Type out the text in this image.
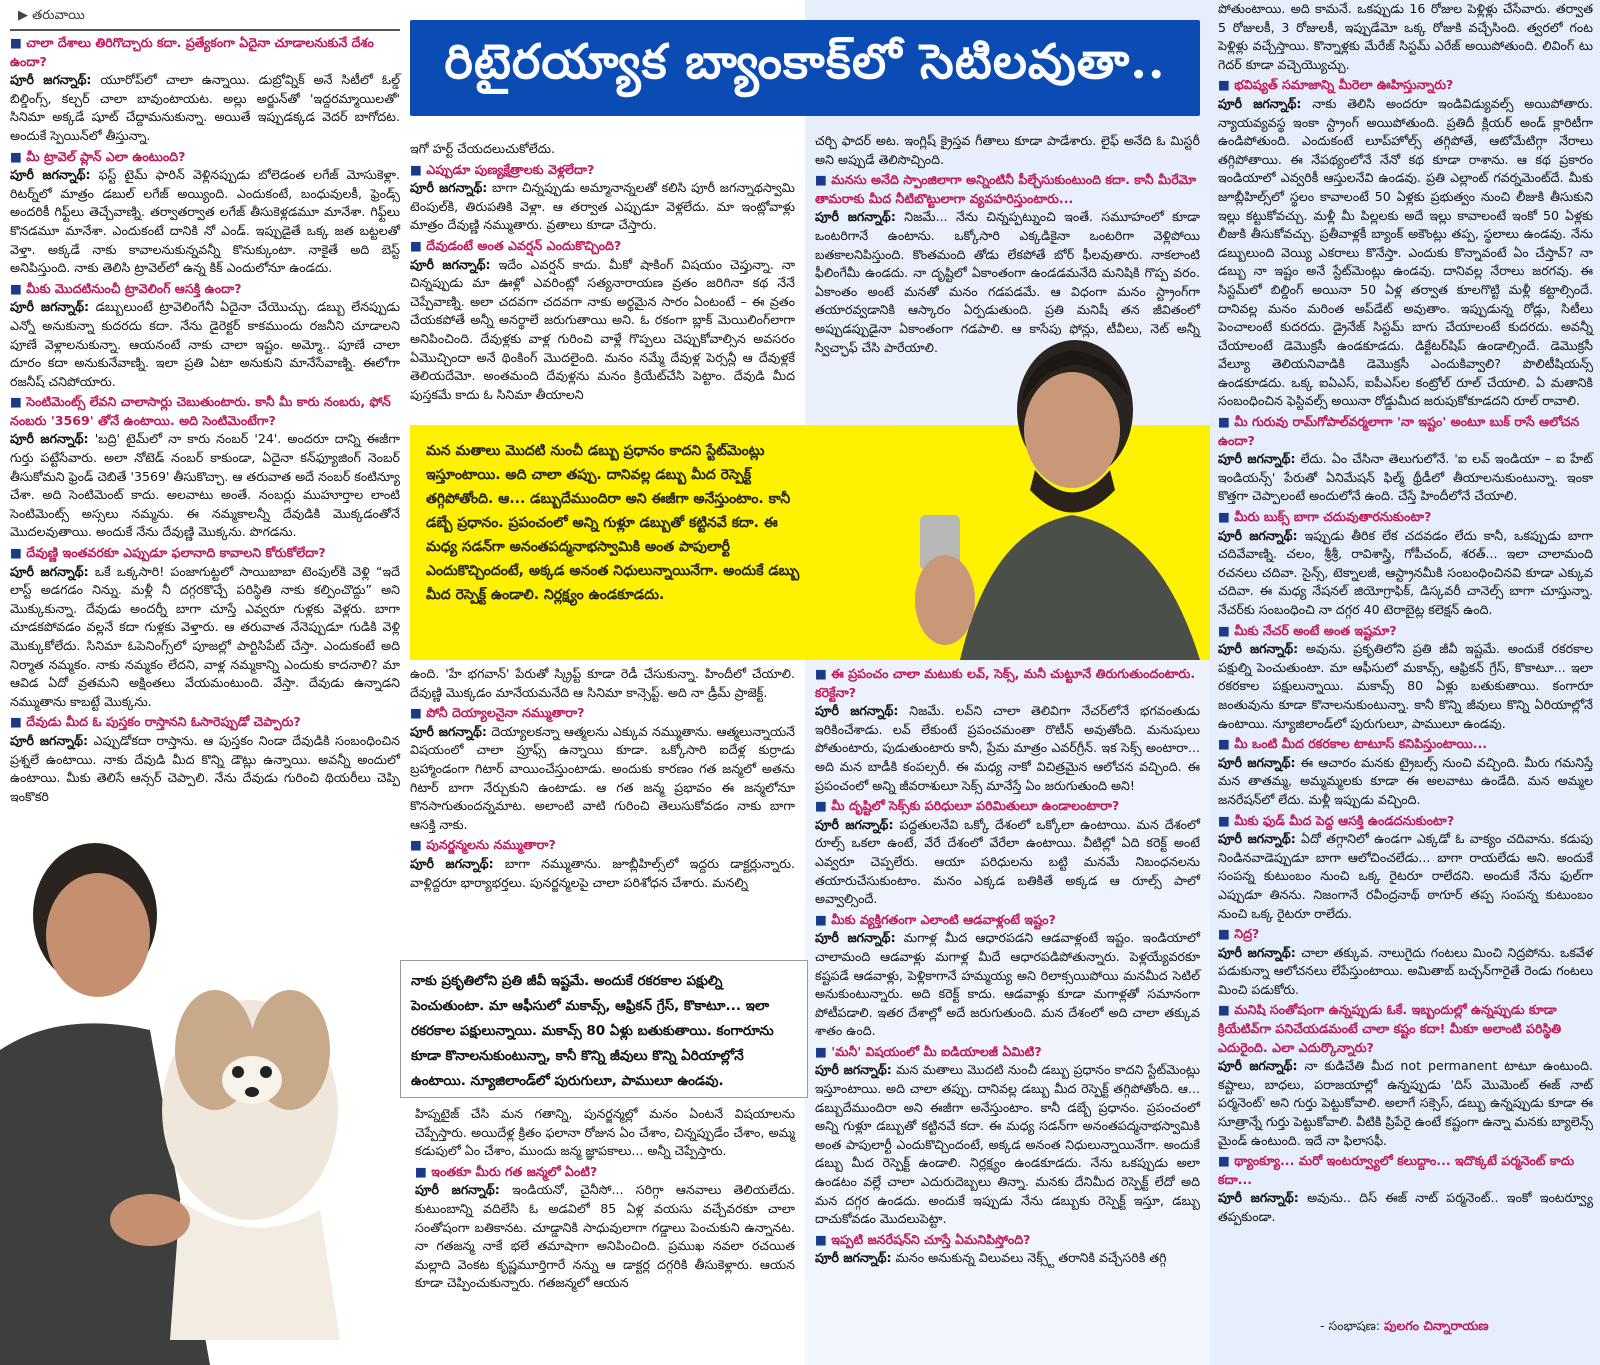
▶ తరువాయి
రిటైరయ్యాక బ్యాంకాక్‌లో సెటిలవుతా..

■ చాలా దేశాలు తిరిగొచ్చారు కదా. ప్రత్యేకంగా ఏదైనా చూడాలనుకునే దేశం ఉందా?

పూరీ జగన్నాథ్: యూరోప్‌లో చాలా ఉన్నాయి. డుబ్రోవ్నిక్ అనే సిటీలో ఓల్డ్ బిల్డింగ్స్, కల్చర్ చాలా బావుంటాయట. అల్లు అర్జున్‌తో 'ఇద్దరమ్మాయిలతో' సినిమా అక్కడే షూట్ చేద్దామనుకున్నా. అయితే ఇప్పుడక్కడ వెదర్ బాగోదట. అందుకే స్పెయిన్‌లో తీస్తున్నా.

■ మీ ట్రావెల్ ప్లాన్ ఎలా ఉంటుంది?

పూరీ జగన్నాథ్: ఫస్ట్ టైమ్ ఫారిన్ వెళ్లినప్పుడు బోలెడంత లగేజ్ మోసుకెళ్లా. రిటర్న్‌లో మాత్రం డబుల్ లగేజ్ అయ్యింది. ఎందుకంటే, బంధువులకీ, ఫ్రెండ్స్ అందరికీ గిఫ్ట్‌లు తెచ్చేవాణ్ని. తర్వాతర్వాత లగేజ్ తీసుకెళ్లడమూ మానేశా. గిఫ్ట్‌లు కొనడమూ మానేశా. ఎందుకంటే దానికి నో ఎండ్. ఇప్పుడైతే ఒక్క జత బట్టలతో వెళ్తా. అక్కడే నాకు కావాలనుకున్నవన్నీ కొనుక్కుంటా. నాకైతే అది బెస్ట్ అనిపిస్తుంది. నాకు తెలిసి ట్రావెల్‌లో ఉన్న కిక్ ఎందులోనూ ఉండదు.

■ మీకు మొదటినుంచీ ట్రావెలింగ్ ఆసక్తి ఉందా?

పూరీ జగన్నాథ్: డబ్బులుంటే ట్రావెలింగేనీ ఏదైనా చేయొచ్చు. డబ్బు లేనప్పుడు ఎన్నో అనుకున్నా కుదరదు కదా. నేను డైరెక్టర్ కాకముందు రజనీని చూడాలని పూణే వెళ్లాలనుకున్నా. ఆయనంటే నాకు చాలా ఇష్టం. అమ్మో.. పూణే చాలా దూరం కదా అనుకునేవాణ్ని. ఇలా ప్రతి ఏటా అనుకుని మానేసేవాణ్ని. ఈలోగా రజనీష్ చనిపోయారు.

■ సెంటిమెంట్స్ లేవని చాలాసార్లు చెబుతుంటారు. కానీ మీ కారు నంబరు, ఫోన్ నంబరు '3569' తోనే ఉంటాయి. అది సెంటిమెంటేగా?

పూరీ జగన్నాథ్: 'బద్రి' టైమ్‌లో నా కారు నంబర్ '24'. అందరూ దాన్ని ఈజీగా గుర్తు పట్టేసేవారు. అలా నోటెడ్ నంబర్ కాకుండా, ఏదైనా కన్‌ఫ్యూజింగ్ నెంబర్ తీసుకోమని ఫ్రెండ్ చెబితే '3569' తీసుకొచ్చా. ఆ తరువాత అదే నంబర్ కంటిన్యూ చేశా. అది సెంటిమెంట్ కాదు. అలవాటు అంతే. నంబర్లు ముహూర్తాల లాంటి సెంటిమెంట్స్ అస్సలు నమ్మను. ఈ నమ్మకాలన్నీ దేవుడికి మొక్కడంతోనే మొదలవుతాయి. అందుకే నేను దేవుణ్ణి మొక్కను. పొగడను.

■ దేవుణ్ణి ఇంతవరకూ ఎప్పుడూ ఫలానాది కావాలని కోరుకోలేదా?

పూరీ జగన్నాథ్: ఒకే ఒక్కసారి! పంజాగుట్టలో సాయిబాబా టెంపుల్‌కి వెళ్లి “ఇదే లాస్ట్ అడగడం నిన్ను. మళ్లీ నీ దగ్గరకొచ్చే పరిస్థితి నాకు కల్పించొద్దు” అని మొక్కుకున్నా. దేవుడు అందర్నీ బాగా చూస్తే ఎవ్వరూ గుళ్లకు వెళ్లరు. బాగా చూడకపోవడం వల్లనే కదా గుళ్లకు వెళ్తారు. ఆ తరువాత నేనెప్పుడూ గుడికి వెళ్లి మొక్కుకోలేదు. సినిమా ఓపెనింగ్స్‌లో పూజల్లో పార్టిసిపేట్ చేస్తా. ఎందుకంటే అది నిర్మాత నమ్మకం. నాకు నమ్మకం లేదని, వాళ్ల నమ్మకాన్ని ఎందుకు కాదనాలి? మా ఆవిడ ఏదో వ్రతమని అక్షింతలు వేయమంటుంది. వేస్తా. దేవుడు ఉన్నాడని నమ్ముతాను కాబట్టే మొక్కను.

■ దేవుడు మీద ఓ పుస్తకం రాస్తానని ఓసారెప్పుడో చెప్పారు?

పూరీ జగన్నాథ్: ఎప్పుడోకదా రాస్తాను. ఆ పుస్తకం నిండా దేవుడికి సంబంధించిన ప్రశ్నలే ఉంటాయి. నాకు దేవుడి మీద కొన్ని డౌట్లు ఉన్నాయి. అవన్నీ అందులో ఉంటాయి. మీకు తెలిసే ఆన్సర్ చెప్పాలి. నేను దేవుడు గురించి థియరీలు చెప్పి ఇంకొకరి

ఇగో హర్ట్ చేయదలుచుకోలేదు.

■ ఎప్పుడూ పుణ్యక్షేత్రాలకు వెళ్లలేదా?

పూరీ జగన్నాథ్: బాగా చిన్నప్పుడు అమ్మానాన్నలతో కలిసి పూరీ జగన్నాథస్వామి టెంపుల్‌కి, తిరుపతికి వెళ్లా. ఆ తర్వాత ఎప్పుడూ వెళ్లలేదు. మా ఇంట్లోవాళ్లు మాత్రం దేవుణ్ణి నమ్ముతారు. వ్రతాలు కూడా చేస్తారు.

■ దేవుడంటే అంత ఎవర్షన్ ఎందుకొచ్చింది?

పూరీ జగన్నాథ్: ఇదేం ఎవర్షన్ కాదు. మీకో షాకింగ్ విషయం చెప్తున్నా. నా చిన్నప్పుడు మా ఊళ్లో ఎవరింట్లో సత్యనారాయణ వ్రతం జరిగినా కథ నేనే చెప్పేవాణ్ని. అలా చదవగా చదవగా నాకు అర్థమైన సారం ఏంటంటే – ఈ వ్రతం చేయకపోతే అన్నీ అనర్థాలే జరుగుతాయి అని. ఓ రకంగా బ్లాక్ మెయిలింగ్‌లాగా అనిపించింది. దేవుళ్లకు వాళ్ల గురించి వాళ్లే గొప్పలు చెప్పుకోవాల్సిన అవసరం ఏమొచ్చిందా అనే థింకింగ్ మొదలైంది. మనం నమ్మే దేవుళ్ల పెర్సన్లీ ఆ దేవుళ్లకే తెలియదేమో. అంతమంది దేవుళ్లను మనం క్రియేట్‌చేసి పెట్టాం. దేవుడి మీద పుస్తకమే కాదు ఓ సినిమా తీయాలని

చర్చి ఫాదర్ అట. ఇంగ్లిష్ క్రైస్తవ గీతాలు కూడా పాడేశారు. లైఫ్ అనేది ఓ మిస్టరీ అని అప్పుడే తెలిసొచ్చింది.

■ మనసు అనేది స్పాంజిలాగా అన్నింటినీ పీల్చేసుకుంటుంది కదా. కానీ మీరేమో తామరాకు మీద నీటిబొట్టులాగా వ్యవహరిస్తుంటారు...

పూరీ జగన్నాథ్: నిజమే... నేను చిన్నప్పట్నుంచి ఇంతే. సమూహంలో కూడా ఒంటరిగానే ఉంటాను. ఒక్కోసారి ఎక్కడికైనా ఒంటరిగా వెళ్లిపోయి బతకాలనిపిస్తుంది. కొంతమంది తోడు లేకపోతే బోర్ ఫీలవుతారు. నాకలాంటి ఫీలింగేమీ ఉండదు. నా దృష్టిలో ఏకాంతంగా ఉండడమనేది మనిషికి గొప్ప వరం. ఏకాంతం అంటే మనతో మనం గడపడమే. ఆ విధంగా మనం స్ట్రాంగ్‌గా తయారవ్వడానికి ఆస్కారం ఏర్పడుతుంది. ప్రతి మనిషీ తన జీవితంలో అప్పుడప్పుడైనా ఏకాంతంగా గడపాలి. ఆ కాసేపు ఫోన్లు, టీవీలు, నెట్ అన్నీ స్విచ్ఛాఫ్ చేసి పారేయాలి.

మన మతాలు మొదటి నుంచీ డబ్బు ప్రధానం కాదని స్టేట్‌మెంట్లు ఇస్తూంటాయి. అది చాలా తప్పు. దానివల్ల డబ్బు మీద రెస్పెక్ట్ తగ్గిపోతోంది. ఆ... డబ్బుదేముందిరా అని ఈజీగా అనేస్తుంటాం. కానీ డబ్బే ప్రధానం. ప్రపంచంలో అన్ని గుళ్లూ డబ్బుతో కట్టినవే కదా. ఈ మధ్య సడన్‌గా అనంతపద్మనాభస్వామికి అంత పాపులార్టీ ఎందుకొచ్చిందంటే, అక్కడ అనంత నిధులున్నాయినేగా. అందుకే డబ్బు మీద రెస్పెక్ట్ ఉండాలి. నిర్లక్ష్యం ఉండకూడదు.

ఉంది. 'హే భగవాన్' పేరుతో స్క్రిప్ట్ కూడా రెడీ చేసుకున్నా. హిందీలో చేయాలి. దేవుణ్ణి మొక్కడం మానేయమనేది ఆ సినిమా కాన్సెప్ట్. అది నా డ్రీమ్ ప్రాజెక్ట్.

■ పోనీ దెయ్యాలనైనా నమ్ముతారా?

పూరీ జగన్నాథ్: దెయ్యాలకన్నా ఆత్మలను ఎక్కువ నమ్ముతాను. ఆత్మలున్నాయనే విషయంలో చాలా ప్రూఫ్స్ ఉన్నాయి కూడా. ఒక్కోసారి ఐదేళ్ల కుర్రాడు బ్రహ్మాండంగా గిటార్ వాయించేస్తుంటాడు. అందుకు కారణం గత జన్మలో అతను గిటార్ బాగా నేర్చుకుని ఉంటాడు. ఆ గత జన్మ ప్రభావం ఈ జన్మలోనూ కొనసాగుతుందన్నమాట. అలాంటి వాటి గురించి తెలుసుకోవడం నాకు బాగా ఆసక్తి నాకు.

■ పునర్జన్మలను నమ్ముతారా?

పూరీ జగన్నాథ్: బాగా నమ్ముతాను. జూబ్లీహిల్స్‌లో ఇద్దరు డాక్టర్లున్నారు. వాళ్లిద్దరూ భార్యాభర్తలు. పునర్జన్మలపై చాలా పరిశోధన చేశారు. మనల్ని

నాకు ప్రకృతిలోని ప్రతి జీవీ ఇష్టమే. అందుకే రకరకాల పక్షుల్ని పెంచుతుంటా. మా ఆఫీసులో మకావ్స్, ఆఫ్రికన్ గ్రేస్, కొకాటూ... ఇలా రకరకాల పక్షులున్నాయి. మకావ్స్ 80 ఏళ్లు బతుకుతాయి. కంగారూను కూడా కొనాలనుకుంటున్నా, కానీ కొన్ని జీవులు కొన్ని ఏరియాల్లోనే ఉంటాయి. న్యూజిలాండ్‌లో పురుగులూ, పాములూ ఉండవు.

హిప్నటైజ్ చేసి మన గతాన్ని, పునర్జన్మల్లో మనం ఏంటనే విషయాలను చెప్పేస్తారు. అయిదేళ్ల క్రితం ఫలానా రోజున ఏం చేశాం, చిన్నప్పుడేం చేశాం, అమ్మ కడుపులో ఏం చేశాం, ముందు జన్మ జ్ఞాపకాలు... అన్నీ చెప్పేస్తారు.

■ ఇంతకూ మీరు గత జన్మలో ఏంటి?

పూరీ జగన్నాథ్: ఇండియనో, చైనీసో... సరిగ్గా ఆనవాలు తెలియలేదు. కుటుంబాన్ని వదిలేసి ఓ అడవిలో 85 ఏళ్ల వయసు వచ్చేవరకూ చాలా సంతోషంగా బతికానట. చూడ్డానికి సాధువులాగా గడ్డాలు పెంచుకుని ఉన్నానట. నా గతజన్మ నాకే భలే తమాషాగా అనిపించింది. ప్రముఖ నవలా రచయిత మల్లాది వెంకట కృష్ణమూర్తిగారే నన్ను ఆ డాక్టర్ల దగ్గరికి తీసుకెళ్లారు. ఆయన కూడా చెప్పించుకున్నారు. గతజన్మలో ఆయన

■ ఈ ప్రపంచం చాలా మటుకు లవ్, సెక్స్, మనీ చుట్టూనే తిరుగుతుందంటారు. కరెక్టేనా?

పూరీ జగన్నాథ్: నిజమే. లవ్‌ని చాలా తెలివిగా నేచర్‌లోనే భగవంతుడు ఇరికించేశాడు. లవ్ లేకుంటే ప్రపంచమంతా రొటీన్ అవుతోంది. మనుషులు పోతుంటారు, పుడుతుంటారు కానీ, ప్రేమ మాత్రం ఎవర్‌గ్రీన్. ఇక సెక్స్ అంటారా... అది మన బాడీకి కంపల్సరీ. ఈ మధ్య నాకో విచిత్రమైన ఆలోచన వచ్చింది. ఈ ప్రపంచంలో అన్ని జీవరాశులూ సెక్స్ మానేస్తే ఏం జరుగుతుంది అని!

■ మీ దృష్టిలో సెక్స్‌కు పరిధులూ పరిమితులూ ఉండాలంటారా?

పూరీ జగన్నాథ్: పద్ధతులనేవి ఒక్కో దేశంలో ఒక్కోలా ఉంటాయి. మన దేశంలో రూల్స్ ఒకలా ఉంటే, వేరే దేశంలో వేరేలా ఉంటాయి. వీటిల్లో ఏది కరెక్ట్ అంటే ఎవ్వరూ చెప్పలేరు. ఆయా పరిధులను బట్టి మనమే నిబంధనలను తయారుచేసుకుంటాం. మనం ఎక్కడ బతికితే అక్కడ ఆ రూల్స్ పాలో అవ్వాల్సిందే.

■ మీకు వ్యక్తిగతంగా ఎలాంటి ఆడవాళ్లంటే ఇష్టం?

పూరీ జగన్నాథ్: మగాళ్ల మీద ఆధారపడని ఆడవాళ్లంటే ఇష్టం. ఇండియాలో చాలామంది ఆడవాళ్లు మగాళ్ల మీదే ఆధారపడిపోతున్నారు. పెళ్లయ్యేవరకూ కష్టపడే ఆడవాళ్లు, పెళ్లికాగానే హమ్మయ్య అని రిలాక్సయిపోయి మనమీద సెటిల్ అనుకుంటున్నారు. అది కరెక్ట్ కాదు. ఆడవాళ్లు కూడా మగాళ్లతో సమానంగా పోటీపడాలి. ఇతర దేశాల్లో అదే జరుగుతుంది. మన దేశంలో అది చాలా తక్కువ శాతం ఉంది.

■ 'మనీ' విషయంలో మీ ఐడియాలజీ ఏమిటి?

పూరీ జగన్నాథ్: మన మతాలు మొదటి నుంచీ డబ్బు ప్రధానం కాదని స్టేట్‌మెంట్లు ఇస్తూంటాయి. అది చాలా తప్పు. దానివల్ల డబ్బు మీద రెస్పెక్ట్ తగ్గిపోతోంది. ఆ... డబ్బుదేముందిరా అని ఈజీగా అనేస్తుంటాం. కానీ డబ్బే ప్రధానం. ప్రపంచంలో అన్ని గుళ్లూ డబ్బుతో కట్టినవే కదా. ఈ మధ్య సడన్‌గా అనంతపద్మనాభస్వామికి అంత పాపులార్టీ ఎందుకొచ్చిందంటే, అక్కడ అనంత నిధులున్నాయినేగా. అందుకే డబ్బు మీద రెస్పెక్ట్ ఉండాలి. నిర్లక్ష్యం ఉండకూడదు. నేను ఒకప్పుడు అలా ఉండటం వల్లే చాలా ఎదురుదెబ్బలు తిన్నా. మనకు దేనిమీద రెస్పెక్ట్ లేదో అది మన దగ్గర ఉండదు. అందుకే ఇప్పుడు నేను డబ్బుకు రెస్పెక్ట్ ఇస్తూ, డబ్బు దాచుకోవడం మొదలుపెట్టా.

■ ఇప్పటి జనరేషన్‌ని చూస్తే ఏమనిపిస్తోంది?

పూరీ జగన్నాథ్: మనం అనుకున్న విలువలు నెక్స్ట్ తరానికి వచ్చేసరికి తగ్గి

పోతుంటాయి. అది కామనే. ఒకప్పుడు 16 రోజుల పెళ్లిళ్లు చేసేవారు. తర్వాత 5 రోజులకీ, 3 రోజులకీ, ఇప్పుడేమో ఒక్క రోజుకి వచ్చేసింది. త్వరలో గంట పెళ్లిళ్లు వచ్చేస్తాయి. కొన్నాళ్లకు మేరేజ్ సిస్టమ్ ఎరేజ్ అయిపోతుంది. లివింగ్ టు గెదర్ కూడా వచ్చెయ్యొచ్చు.

■ భవిష్యత్ సమాజాన్ని మీరెలా ఊహిస్తున్నారు?

పూరీ జగన్నాథ్: నాకు తెలిసి అందరూ ఇండివిడ్యువల్స్ అయిపోతారు. న్యాయవ్యవస్థ ఇంకా స్ట్రాంగ్ అయిపోతుంది. ప్రతిదీ క్లియర్ అండ్ క్లారిటీగా ఉండిపోతుంది. ఎందుకంటే లూప్‌హోల్స్ తగ్గిపోతే, ఆటోమేటిగ్గా నేరాలు తగ్గిపోతాయి. ఈ నేపథ్యంలోనే నేనో కథ కూడా రాశాను. ఆ కథ ప్రకారం ఇండియాలో ఎవ్వరికీ ఆస్తులనేవి ఉండవు. ప్రతి ఎల్లాంట్ గవర్నమెంట్‌దే. మీకు జూబ్లీహిల్స్‌లో స్థలం కావాలంటే 50 ఏళ్లకు ప్రభుత్వం నుంచి లీజుకి తీసుకుని ఇల్లు కట్టుకోవచ్చు. మళ్లీ మీ పిల్లలకు అదే ఇల్లు కావాలంటే ఇంకో 50 ఏళ్లకు లీజుకి తీసుకోవచ్చు. ప్రతీవాళ్లకీ బ్యాంక్ అకౌంట్లు తప్ప, స్థలాలు ఉండవు. నేను డబ్బులుంది వెయ్యి ఎకరాలు కొనేస్తా. ఎందుకు కొన్నావంటే ఏం చేస్తావ్? నా డబ్బు నా ఇష్టం అనే స్టేట్‌మెంట్లు ఉండవు. దానివల్ల నేరాలు జరగవు. ఈ సిస్టమ్‌లో బిల్డింగ్ అయినా 50 ఏళ్ల తర్వాత కూలగొట్టి మళ్లీ కట్టాల్సిందే. దానివల్ల మనం మరింత అప్‌డేట్ అవుతాం. ఇప్పుడున్న రోడ్లు, సిటీలు పెంచాలంటే కుదరదు. డ్రైనేజ్ సిస్టమ్ బాగు చేయాలంటే కుదరదు. అవన్నీ చేయాలంటే డెమొక్రసీ ఉండకూడదు. డిక్టేటర్‌షిప్ ఉండాల్సిందే. డెమొక్రసీ వేల్యూ తెలియనివాడికి డెమొక్రసీ ఎందుకివ్వాలి? పొలిటీషియన్స్ ఉండకూడదు. ఒక్క ఐఏఎస్, ఐపీఎస్‌ల కంట్రోల్ రూల్ చేయాలి. ఏ మతానికి సంబంధించిన ఫెస్టివల్స్ అయినా రోడ్డుమీద జరుపుకోకూడదని రూల్ రావాలి.

■ మీ గురువు రామ్‌గోపాల్‌వర్మలాగా 'నా ఇష్టం' అంటూ బుక్ రాసే ఆలోచన ఉందా?

పూరీ జగన్నాథ్: లేదు. ఏం చేసినా తెలుగులోనే. 'ఐ లవ్ ఇండియా – ఐ హేట్ ఇండియన్స్' పేరుతో ఏనిమేషన్ ఫిల్మ్ థ్రీడీలో తీయాలనుకుంటున్నా. ఇంకా కొత్తగా చెప్పాలంటే అందులోనే ఉంది. చేస్తే హిందీలోనే చేయాలి.

■ మీరు బుక్స్ బాగా చదువుతారనుకుంటా?

పూరీ జగన్నాథ్: ఇప్పుడు తీరిక లేక చదవడం లేదు కానీ, ఒకప్పుడు బాగా చదివేవాణ్ని. చలం, శ్రీశ్రీ, రావిశాస్త్రి, గోపీచంద్, శరత్... ఇలా చాలామంది రచనలు చదివా. సైన్స్, టెక్నాలజీ, ఆస్ట్రానమీకి సంబంధించినవి కూడా ఎక్కువ చదివా. ఈ మధ్య నేషనల్ జియోగ్రాఫిక్, డిస్కవరీ చానెల్స్ బాగా చూస్తున్నా. నేచర్‌కు సంబంధించి నా దగ్గర 40 టెరాబైట్ల కలెక్షన్ ఉంది.

■ మీకు నేచర్ అంటే అంత ఇష్టమా?

పూరీ జగన్నాథ్: అవును. ప్రకృతిలోని ప్రతి జీవీ ఇష్టమే. అందుకే రకరకాల పక్షుల్ని పెంచుతుంటా. మా ఆఫీసులో మకావ్స్, ఆఫ్రికన్ గ్రేస్, కొకాటూ... ఇలా రకరకాల పక్షులున్నాయి. మకావ్స్ 80 ఏళ్లు బతుకుతాయి. కంగారూ జంతువును కూడా కొనాలనుకుంటున్నా. కానీ కొన్ని జీవులు కొన్ని ఏరియాల్లోనే ఉంటాయి. న్యూజిలాండ్‌లో పురుగులూ, పాములూ ఉండవు.

■ మీ ఒంటి మీద రకరకాల టాటూస్ కనిపిస్తుంటాయి...

పూరీ జగన్నాథ్: ఈ ఆచారం మనకు ట్రైబల్స్ నుంచి వచ్చింది. మీరు గమనిస్తే మన తాతమ్మ, అమ్మమ్మలకు కూడా ఈ అలవాటు ఉండేది. మన అమ్మల జనరేషన్‌లో లేదు. మళ్లీ ఇప్పుడు వచ్చింది.

■ మీకు ఫుడ్ మీద పెద్ద ఆసక్తి ఉండదనుకుంటా?

పూరీ జగన్నాథ్: ఏదో తగ్గానిలో ఉండగా ఎక్కడో ఓ వాక్యం చదివాను. కడుపు నిండినవాడెప్పుడూ బాగా ఆలోచించలేడు... బాగా రాయలేడు అని. అందుకే సంపన్న కుటుంబం నుంచి ఒక్క రైటరూ రాలేదని. అందుకే నేను ఫుల్‌గా ఎప్పుడూ తినను. నిజంగానే రవీంద్రనాథ్ ఠాగూర్ తప్ప సంపన్న కుటుంబం నుంచి ఒక్క రైటరూ రాలేదు.

■ నిద్ర?

పూరీ జగన్నాథ్: చాలా తక్కువ. నాలుగైదు గంటలు మించి నిద్రపోను. ఒకవేళ పడుకున్నా ఆలోచనలు లేపేస్తుంటాయి. అమితాబ్ బచ్చన్‌గారైతే రెండు గంటలు మించి పడుకోరు.

■ మనిషి సంతోషంగా ఉన్నప్పుడు ఓకే. ఇబ్బందుల్లో ఉన్నప్పుడు కూడా క్రియేటివ్‌గా పనిచేయడమంటే చాలా కష్టం కదా! మీకూ అలాంటి పరిస్థితి ఎదురైంది. ఎలా ఎదుర్కొన్నారు?

పూరీ జగన్నాథ్: నా కుడిచేతి మీద not permanent టాటూ ఉంటుంది. కష్టాలు, బాధలు, పరాజయాల్లో ఉన్నప్పుడు 'దిస్ మొమెంట్ ఈజ్ నాట్ పర్మనెంట్' అని గుర్తు పెట్టుకోవాలి. అలాగే సక్సెస్, డబ్బు ఉన్నప్పుడు కూడా ఈ సూత్రాన్నే గుర్తు పెట్టుకోవాలి. వీటికి ప్రిపేరై ఉంటే కష్టంగా ఉన్నా మనకు బ్యాలెన్స్ మైండ్ ఉంటుంది. ఇదే నా ఫిలాసఫీ.

■ థ్యాంక్యూ... మరో ఇంటర్వ్యూలో కలుద్దాం... ఇదొక్కటే పర్మనెంట్ కాదు కదా...

పూరీ జగన్నాథ్: అవును.. దిస్ ఈజ్ నాట్ పర్మనెంట్.. ఇంకో ఇంటర్వ్యూ తప్పకుండా.

- సంభాషణ: పులగం చిన్నారాయణ
